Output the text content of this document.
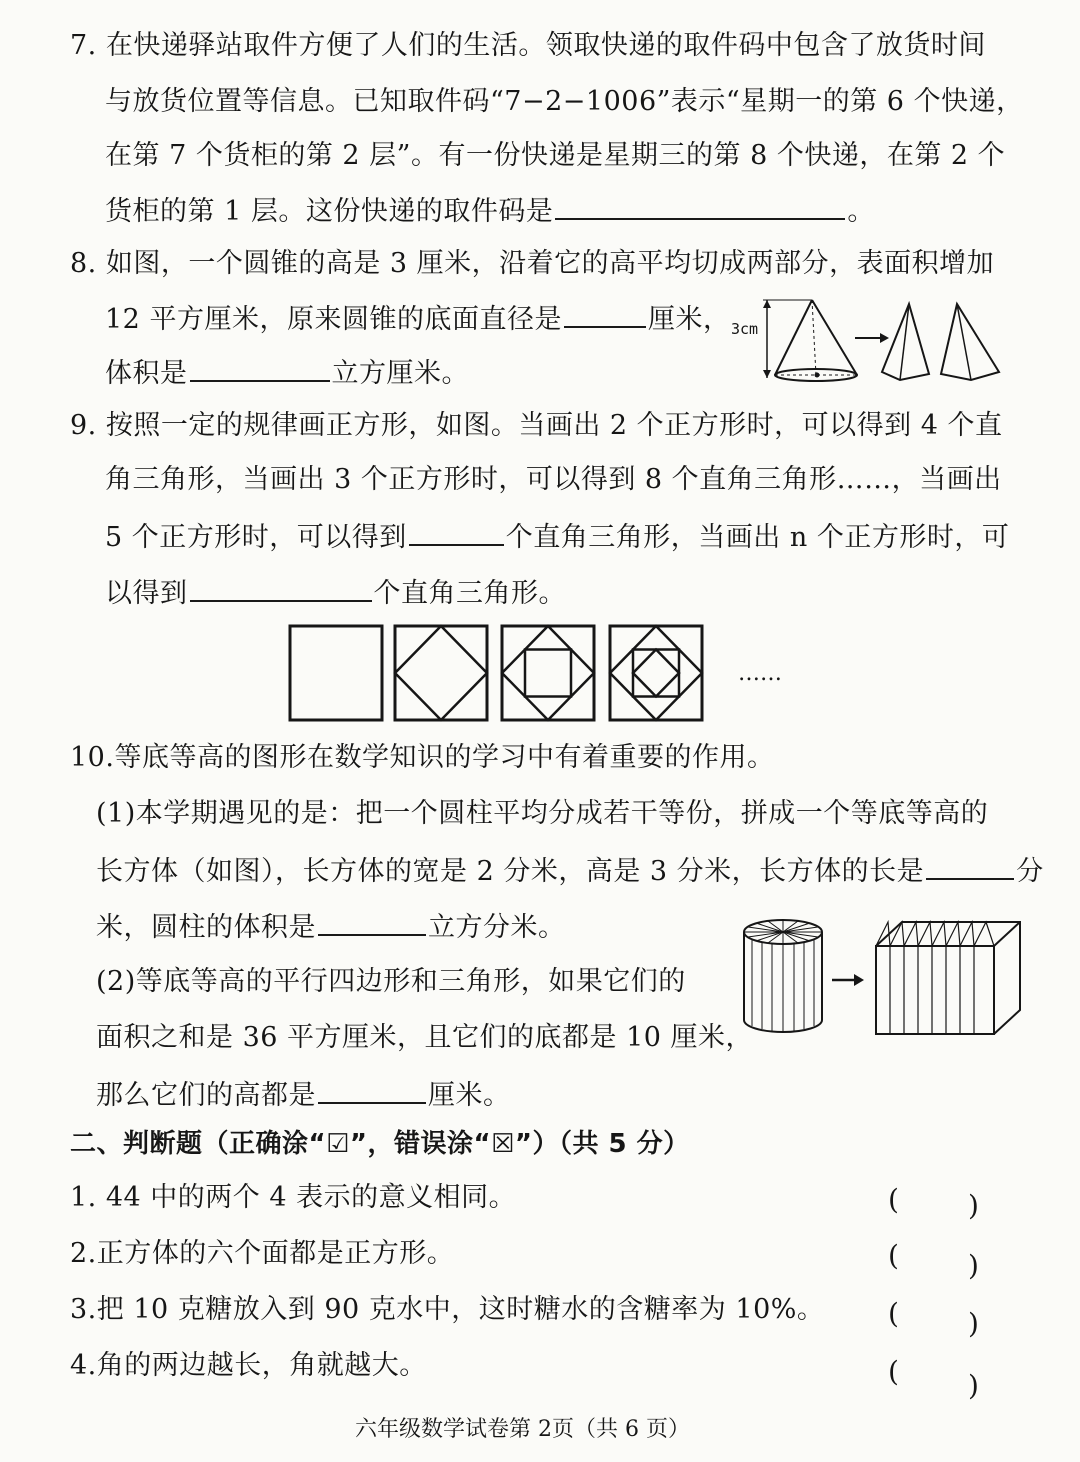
7. 在快递驿站取件方便了人们的生活。领取快递的取件码中包含了放货时间
与放货位置等信息。已知取件码“7−2−1006”表示“星期一的第 6 个快递，
在第 7 个货柜的第 2 层”。有一份快递是星期三的第 8 个快递，在第 2 个
货柜的第 1 层。这份快递的取件码是	。
8. 如图，一个圆锥的高是 3 厘米，沿着它的高平均切成两部分，表面积增加
12 平方厘米，原来圆锥的底面直径是	厘米，
体积是	立方厘米。
3cm
9. 按照一定的规律画正方形，如图。当画出 2 个正方形时，可以得到 4 个直
角三角形，当画出 3 个正方形时，可以得到 8 个直角三角形……，当画出
5 个正方形时，可以得到	个直角三角形，当画出 n 个正方形时，可
以得到	个直角三角形。
……
10.等底等高的图形在数学知识的学习中有着重要的作用。
(1)本学期遇见的是：把一个圆柱平均分成若干等份，拼成一个等底等高的
长方体（如图），长方体的宽是 2 分米，高是 3 分米，长方体的长是	分
米，圆柱的体积是	立方分米。
(2)等底等高的平行四边形和三角形，如果它们的
面积之和是 36 平方厘米，且它们的底都是 10 厘米，
那么它们的高都是	厘米。
二、判断题（正确涂“☑”，错误涂“☒”）（共 5 分）
1. 44 中的两个 4 表示的意义相同。	( )
2.正方体的六个面都是正方形。	( )
3.把 10 克糖放入到 90 克水中，这时糖水的含糖率为 10%。 ( )
4.角的两边越长，角就越大。	( )
六年级数学试卷第 2页（共 6 页）
